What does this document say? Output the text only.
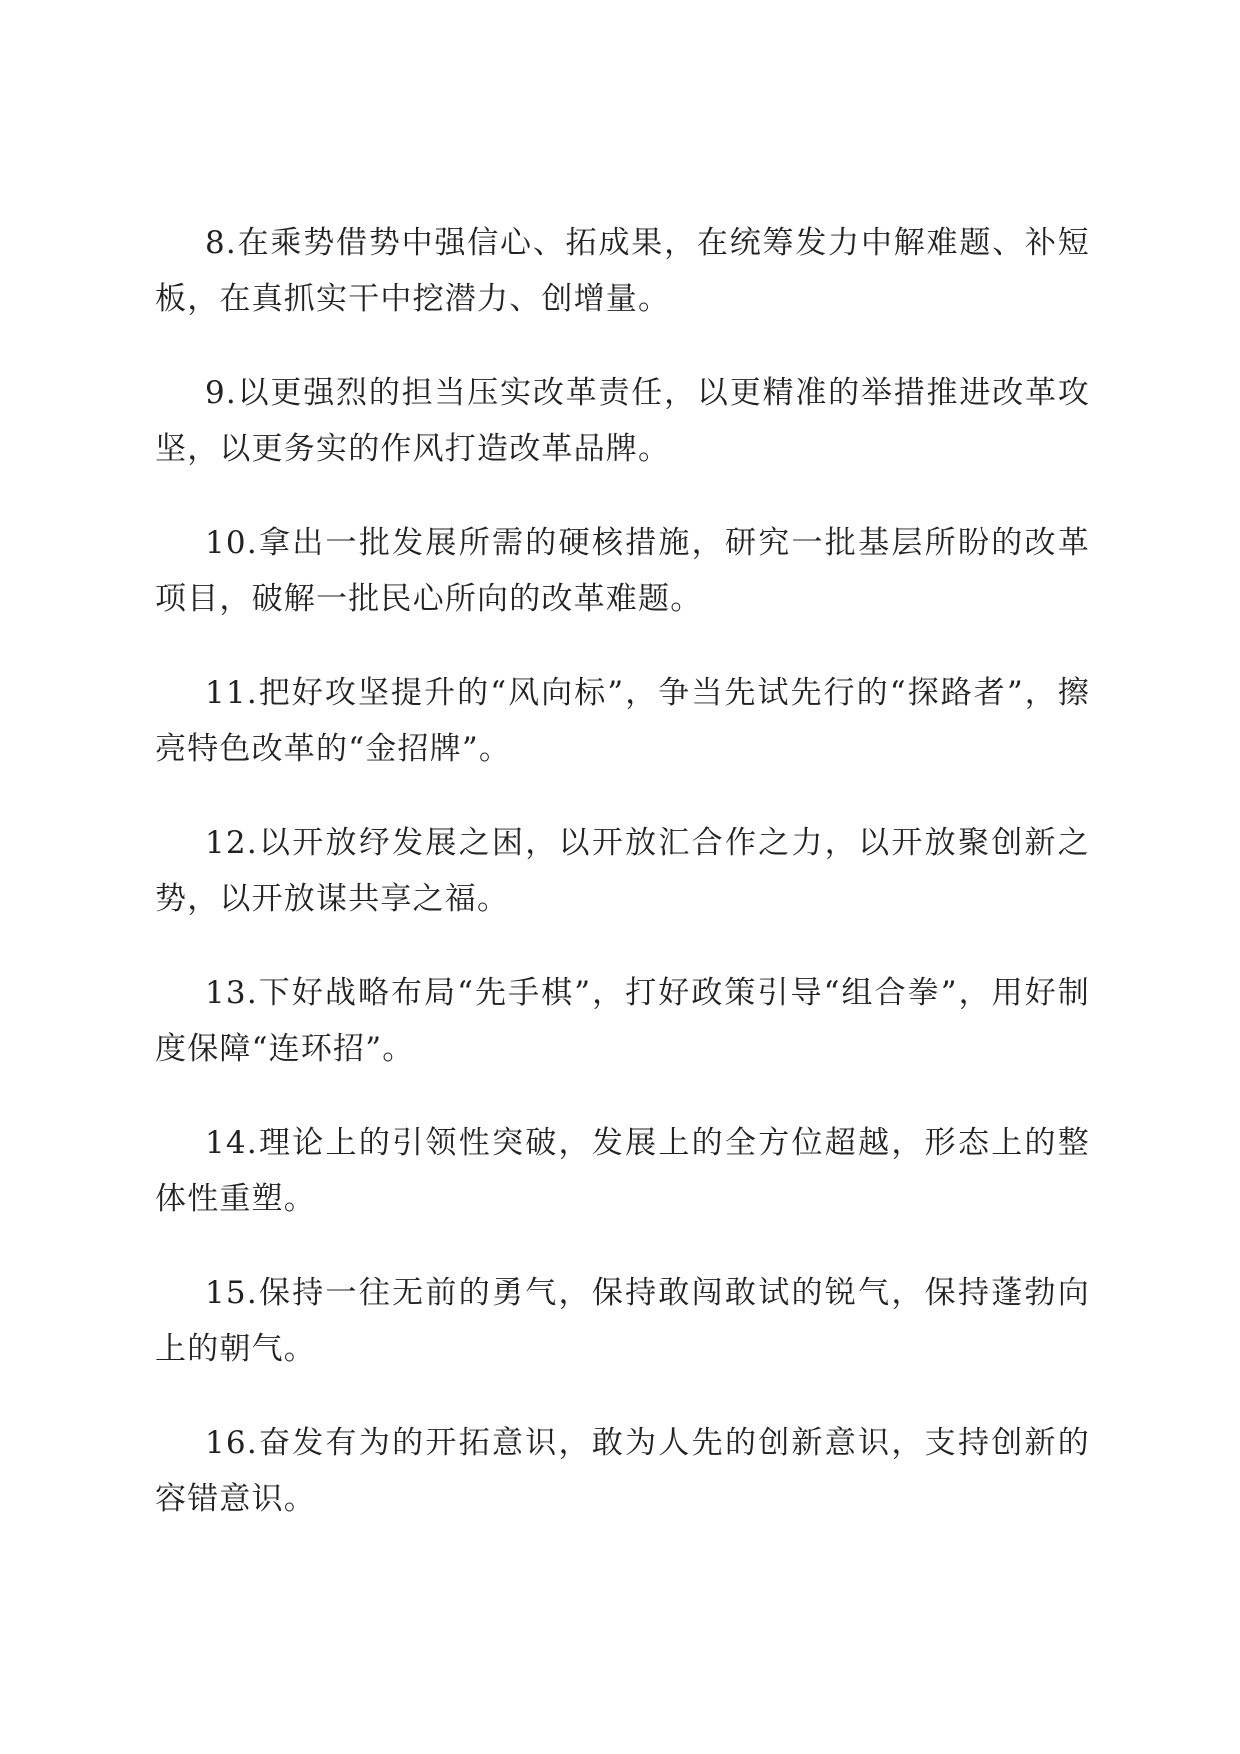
8.在乘势借势中强信心、拓成果，在统筹发力中解难题、补短板，在真抓实干中挖潜力、创增量。

9.以更强烈的担当压实改革责任，以更精准的举措推进改革攻坚，以更务实的作风打造改革品牌。

10.拿出一批发展所需的硬核措施，研究一批基层所盼的改革项目，破解一批民心所向的改革难题。

11.把好攻坚提升的“风向标”，争当先试先行的“探路者”，擦亮特色改革的“金招牌”。

12.以开放纾发展之困，以开放汇合作之力，以开放聚创新之势，以开放谋共享之福。

13.下好战略布局“先手棋”，打好政策引导“组合拳”，用好制度保障“连环招”。

14.理论上的引领性突破，发展上的全方位超越，形态上的整体性重塑。

15.保持一往无前的勇气，保持敢闯敢试的锐气，保持蓬勃向上的朝气。

16.奋发有为的开拓意识，敢为人先的创新意识，支持创新的容错意识。
